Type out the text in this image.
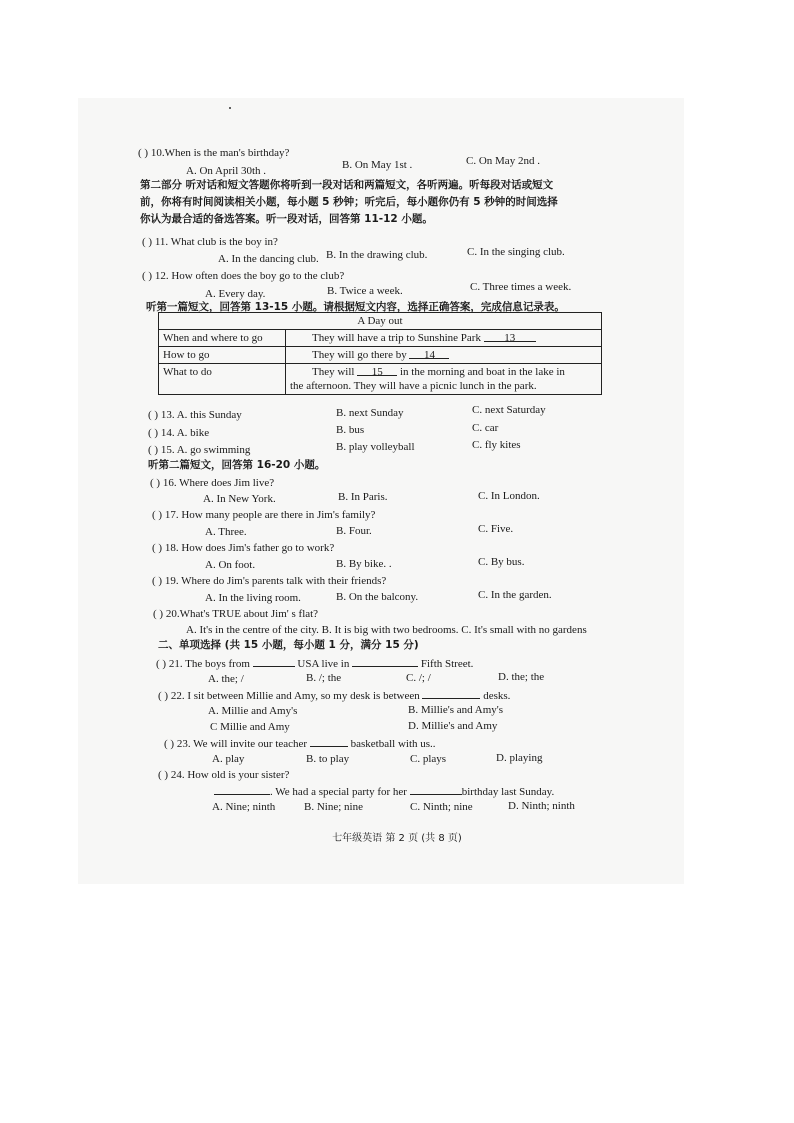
( ) 10.When is the man's birthday?
A. On April 30th .	B. On May 1st .	C. On May 2nd .
第二部分 听对话和短文答题你将听到一段对话和两篇短文，各听两遍。听每段对话或短文
前，你将有时间阅读相关小题，每小题 5 秒钟；听完后，每小题你仍有 5 秒钟的时间选择
你认为最合适的备选答案。听一段对话，回答第 11-12 小题。
( ) 11. What club is the boy in?
A. In the dancing club. B. In the drawing club.	C. In the singing club.
( ) 12. How often does the boy go to the club?
A. Every day.	B. Twice a week.	C. Three times a week.
听第一篇短文，回答第 13-15 小题。请根据短文内容，选择正确答案，完成信息记录表。
A Day out	
When and where to go	They will have a trip to Sunshine Park 13
How to go	They will go there by 14
What to do	They will 15 in the morning and boat in the lake in
the afternoon. They will have a picnic lunch in the park.
( ) 13. A. this Sunday	B. next Sunday	C. next Saturday
( ) 14. A. bike	B. bus	C. car
( ) 15. A. go swimming	B. play volleyball	C. fly kites
听第二篇短文，回答第 16-20 小题。
( ) 16. Where does Jim live?
A. In New York.	B. In Paris.	C. In London.
( ) 17. How many people are there in Jim's family?
A. Three.	B. Four.	C. Five.
( ) 18. How does Jim's father go to work?
A. On foot.	B. By bike. .	C. By bus.
( ) 19. Where do Jim's parents talk with their friends?
A. In the living room.	B. On the balcony.	C. In the garden.
( ) 20.What's TRUE about Jim' s flat?
A. It's in the centre of the city. B. It is big with two bedrooms. C. It's small with no gardens
二、单项选择 (共 15 小题，每小题 1 分，满分 15 分)
( ) 21. The boys from	USA live in	Fifth Street.
A. the; /	B. /; the	C. /; /	D. the; the
( ) 22. I sit between Millie and Amy, so my desk is between	desks.
A. Millie and Amy's	B. Millie's and Amy's
C Millie and Amy	D. Millie's and Amy
( ) 23. We will invite our teacher	basketball with us..
A. play	B. to play	C. plays	D. playing
( ) 24. How old is your sister?
. We had a special party for her	birthday last Sunday.
A. Nine; ninth	B. Nine; nine	C. Ninth; nine	D. Ninth; ninth
七年级英语 第 2 页 (共 8 页)
